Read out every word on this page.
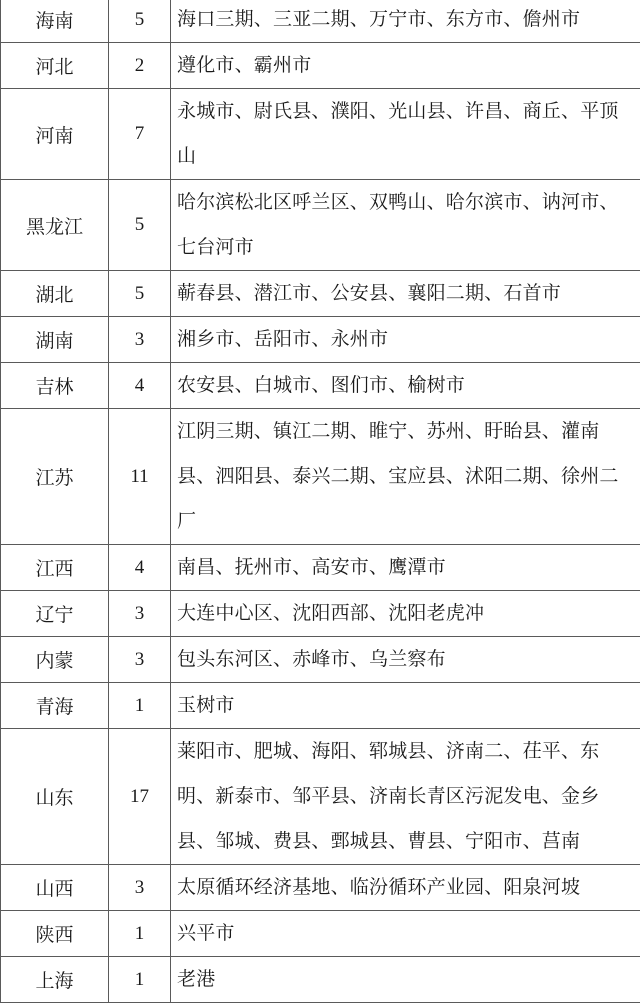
海南	5	海口三期、三亚二期、万宁市、东方市、儋州市
河北	2	遵化市、霸州市
河南	7	永城市、尉氏县、濮阳、光山县、许昌、商丘、平顶山
黑龙江	5	哈尔滨松北区呼兰区、双鸭山、哈尔滨市、讷河市、七台河市
湖北	5	蕲春县、潜江市、公安县、襄阳二期、石首市
湖南	3	湘乡市、岳阳市、永州市
吉林	4	农安县、白城市、图们市、榆树市
江苏	11	江阴三期、镇江二期、睢宁、苏州、盱眙县、灌南县、泗阳县、泰兴二期、宝应县、沭阳二期、徐州二厂
江西	4	南昌、抚州市、高安市、鹰潭市
辽宁	3	大连中心区、沈阳西部、沈阳老虎冲
内蒙	3	包头东河区、赤峰市、乌兰察布
青海	1	玉树市
山东	17	莱阳市、肥城、海阳、郓城县、济南二、茌平、东明、新泰市、邹平县、济南长青区污泥发电、金乡县、邹城、费县、鄄城县、曹县、宁阳市、莒南
山西	3	太原循环经济基地、临汾循环产业园、阳泉河坡
陕西	1	兴平市
上海	1	老港
